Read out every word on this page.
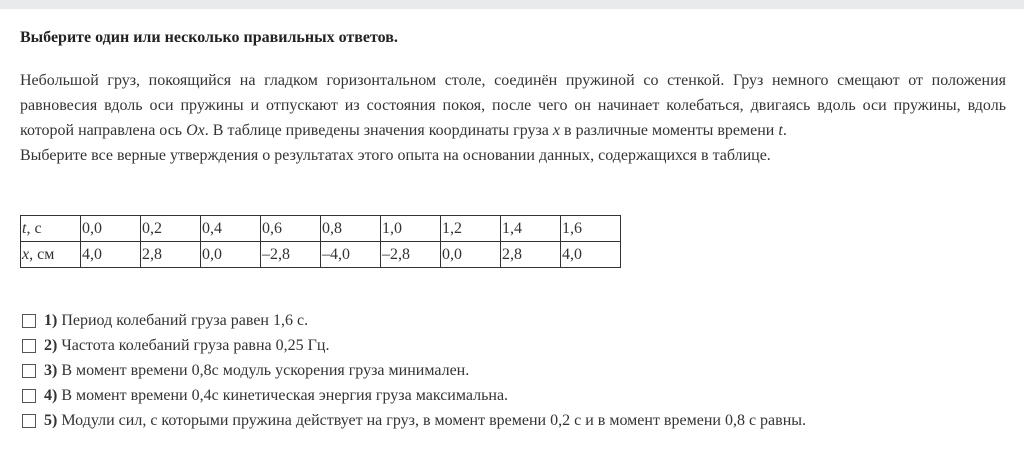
Выберите один или несколько правильных ответов.

Небольшой груз, покоящийся на гладком горизонтальном столе, соединён пружиной со стенкой. Груз немного смещают от положения равновесия вдоль оси пружины и отпускают из состояния покоя, после чего он начинает колебаться, двигаясь вдоль оси пружины, вдоль которой направлена ось Ox. В таблице приведены значения координаты груза x в различные моменты времени t.

Выберите все верные утверждения о результатах этого опыта на основании данных, содержащихся в таблице.

t, с	0,0	0,2	0,4	0,6	0,8	1,0	1,2	1,4	1,6
x, см	4,0	2,8	0,0	–2,8	–4,0	–2,8	0,0	2,8	4,0
1) Период колебаний груза равен 1,6 с.
2) Частота колебаний груза равна 0,25 Гц.
3) В момент времени 0,8с модуль ускорения груза минимален.
4) В момент времени 0,4с кинетическая энергия груза максимальна.
5) Модули сил, с которыми пружина действует на груз, в момент времени 0,2 с и в момент времени 0,8 с равны.
